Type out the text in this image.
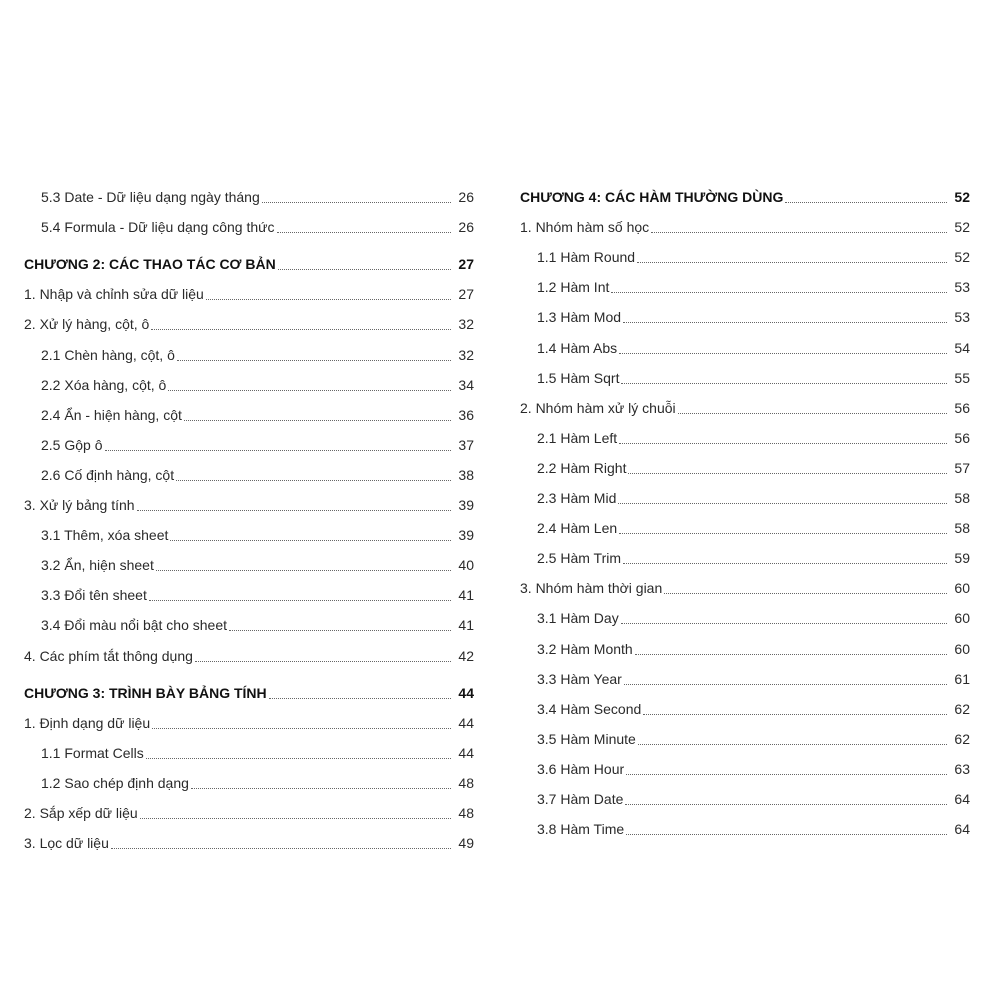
5.3 Date - Dữ liệu dạng ngày tháng	26
5.4 Formula - Dữ liệu dạng công thức	26
CHƯƠNG 2: CÁC THAO TÁC CƠ BẢN	27
1. Nhập và chỉnh sửa dữ liệu	27
2. Xử lý hàng, cột, ô	32
2.1 Chèn hàng, cột, ô	32
2.2 Xóa hàng, cột, ô	34
2.4 Ẩn - hiện hàng, cột	36
2.5 Gộp ô	37
2.6 Cố định hàng, cột	38
3. Xử lý bảng tính	39
3.1 Thêm, xóa sheet	39
3.2 Ẩn, hiện sheet	40
3.3 Đổi tên sheet	41
3.4 Đổi màu nổi bật cho sheet	41
4. Các phím tắt thông dụng	42
CHƯƠNG 3: TRÌNH BÀY BẢNG TÍNH	44
1. Định dạng dữ liệu	44
1.1 Format Cells	44
1.2 Sao chép định dạng	48
2. Sắp xếp dữ liệu	48
3. Lọc dữ liệu	49
CHƯƠNG 4: CÁC HÀM THƯỜNG DÙNG	52
1. Nhóm hàm số học	52
1.1 Hàm Round	52
1.2 Hàm Int	53
1.3 Hàm Mod	53
1.4 Hàm Abs	54
1.5 Hàm Sqrt	55
2. Nhóm hàm xử lý chuỗi	56
2.1 Hàm Left	56
2.2 Hàm Right	57
2.3 Hàm Mid	58
2.4 Hàm Len	58
2.5 Hàm Trim	59
3. Nhóm hàm thời gian	60
3.1 Hàm Day	60
3.2 Hàm Month	60
3.3 Hàm Year	61
3.4 Hàm Second	62
3.5 Hàm Minute	62
3.6 Hàm Hour	63
3.7 Hàm Date	64
3.8 Hàm Time	64
